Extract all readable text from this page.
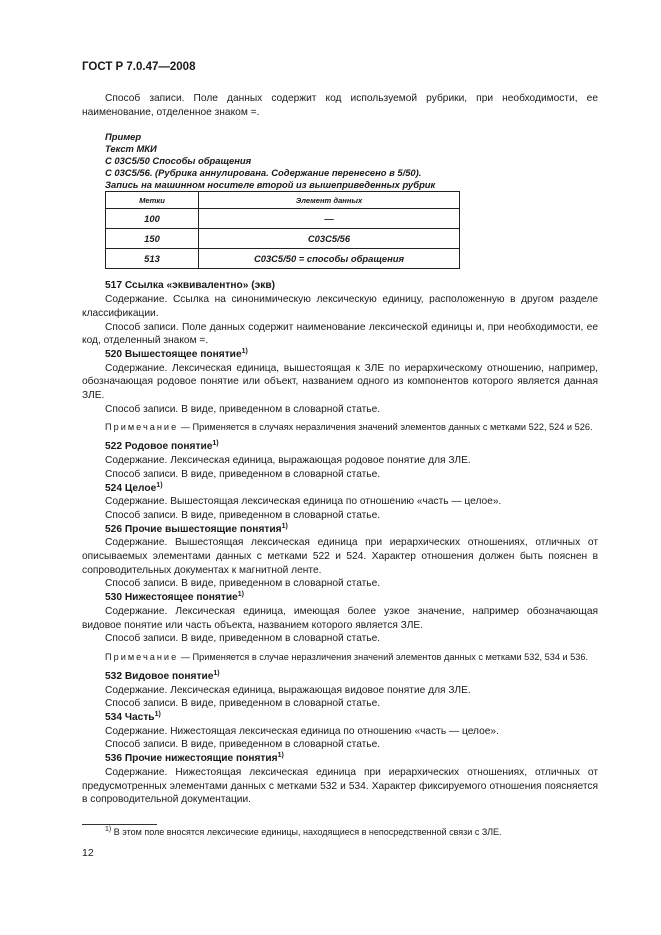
ГОСТ Р 7.0.47—2008

Способ записи. Поле данных содержит код используемой рубрики, при необходимости, ее наименование, отделенное знаком =.

Пример
Текст МКИ
С 03С5/50 Способы обращения
С 03С5/56. (Рубрика аннулирована. Содержание перенесено в 5/50).
Запись на машинном носителе второй из вышеприведенных рубрик
Метки	Элемент данных
100	—
150	С03С5/56
513	С03С5/50 = способы обращения

517 Ссылка «эквивалентно» (экв)

Содержание. Ссылка на синонимическую лексическую единицу, расположенную в другом разделе классификации.

Способ записи. Поле данных содержит наименование лексической единицы и, при необходимости, ее код, отделенный знаком =.

520 Вышестоящее понятие$^{1)}$

Содержание. Лексическая единица, вышестоящая к ЗЛЕ по иерархическому отношению, например, обозначающая родовое понятие или объект, названием одного из компонентов которого является данная ЗЛЕ.

Способ записи. В виде, приведенном в словарной статье.

Примечание — Применяется в случаях неразличения значений элементов данных с метками 522, 524 и 526.

522 Родовое понятие$^{1)}$

Содержание. Лексическая единица, выражающая родовое понятие для ЗЛЕ.

Способ записи. В виде, приведенном в словарной статье.

524 Целое$^{1)}$

Содержание. Вышестоящая лексическая единица по отношению «часть — целое».

Способ записи. В виде, приведенном в словарной статье.

526 Прочие вышестоящие понятия$^{1)}$

Содержание. Вышестоящая лексическая единица при иерархических отношениях, отличных от описываемых элементами данных с метками 522 и 524. Характер отношения должен быть пояснен в сопроводительных документах к магнитной ленте.

Способ записи. В виде, приведенном в словарной статье.

530 Нижестоящее понятие$^{1)}$

Содержание. Лексическая единица, имеющая более узкое значение, например обозначающая видовое понятие или часть объекта, названием которого является ЗЛЕ.

Способ записи. В виде, приведенном в словарной статье.

Примечание — Применяется в случае неразличения значений элементов данных с метками 532, 534 и 536.

532 Видовое понятие$^{1)}$

Содержание. Лексическая единица, выражающая видовое понятие для ЗЛЕ.

Способ записи. В виде, приведенном в словарной статье.

534 Часть$^{1)}$

Содержание. Нижестоящая лексическая единица по отношению «часть — целое».

Способ записи. В виде, приведенном в словарной статье.

536 Прочие нижестоящие понятия$^{1)}$

Содержание. Нижестоящая лексическая единица при иерархических отношениях, отличных от предусмотренных элементами данных с метками 532 и 534. Характер фиксируемого отношения поясняется в сопроводительной документации.

$^{1)}$ В этом поле вносятся лексические единицы, находящиеся в непосредственной связи с ЗЛЕ.
12
